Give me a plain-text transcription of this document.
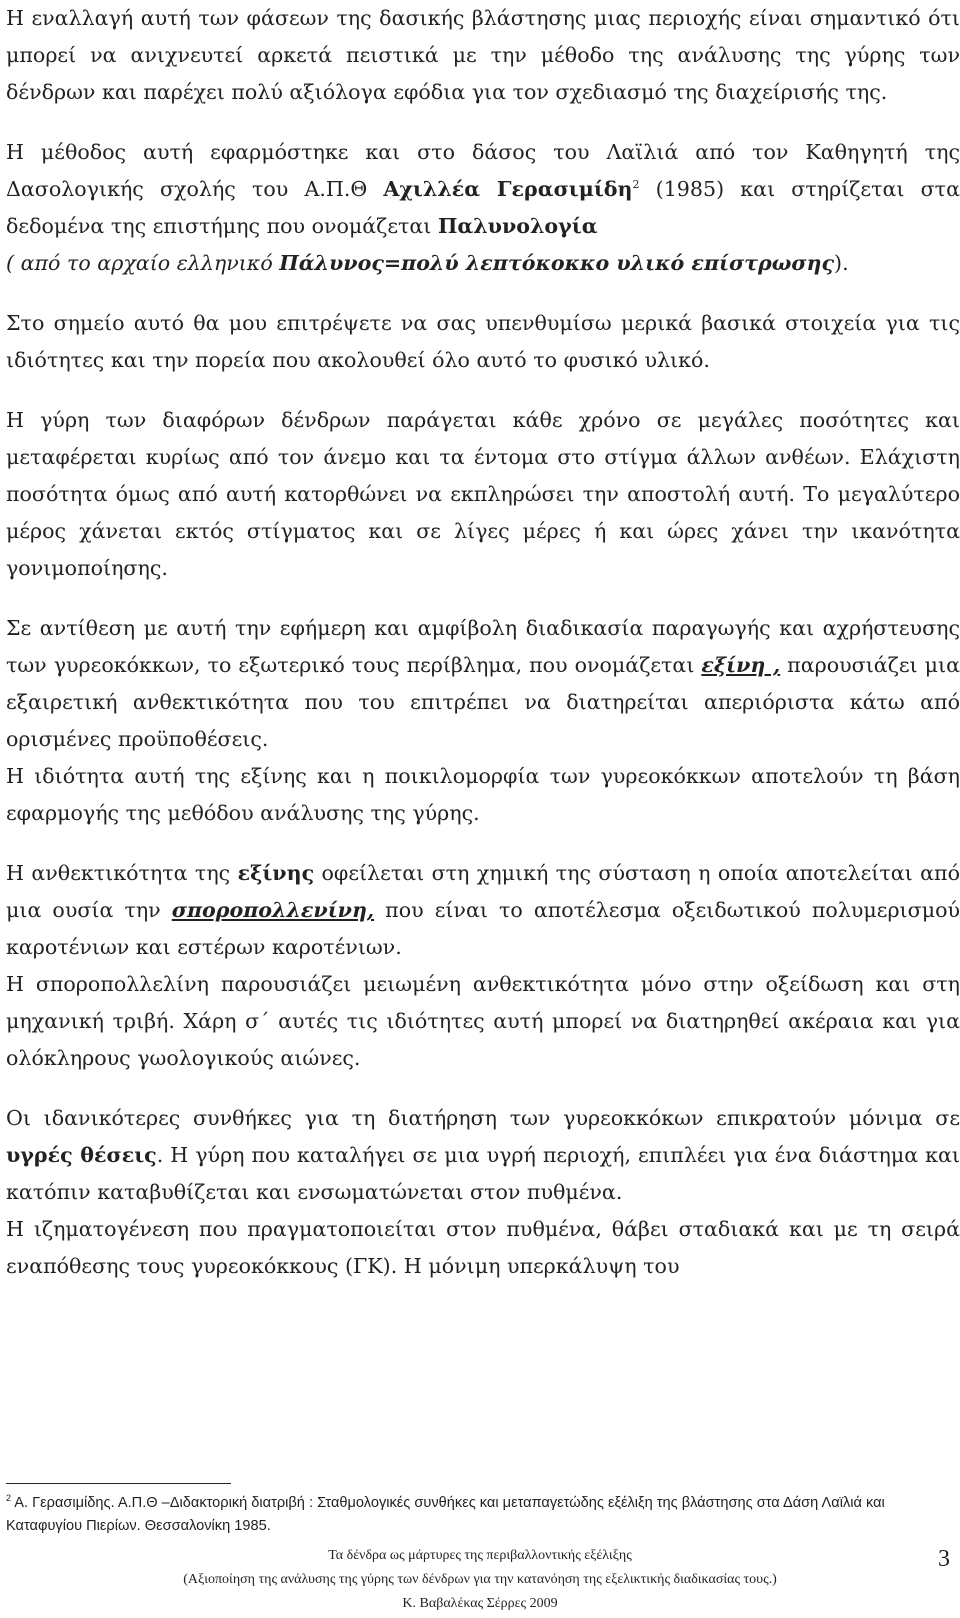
Η εναλλαγή αυτή των φάσεων της δασικής βλάστησης μιας περιοχής είναι σημαντικό ότι μπορεί να ανιχνευτεί αρκετά πειστικά με την μέθοδο της ανάλυσης της γύρης των δένδρων και παρέχει πολύ αξιόλογα εφόδια για τον σχεδιασμό της διαχείρισής της.

Η μέθοδος αυτή εφαρμόστηκε και στο δάσος του Λαϊλιά από τον Καθηγητή της Δασολογικής σχολής του Α.Π.Θ Αχιλλέα Γερασιμίδη$^2$ (1985) και στηρίζεται στα δεδομένα της επιστήμης που ονομάζεται Παλυνολογία
( από το αρχαίο ελληνικό Πάλυνος=πολύ λεπτόκοκκο υλικό επίστρωσης).

Στο σημείο αυτό θα μου επιτρέψετε να σας υπενθυμίσω μερικά βασικά στοιχεία για τις ιδιότητες και την πορεία που ακολουθεί όλο αυτό το φυσικό υλικό.

Η γύρη των διαφόρων δένδρων παράγεται κάθε χρόνο σε μεγάλες ποσότητες και μεταφέρεται κυρίως από τον άνεμο και τα έντομα στο στίγμα άλλων ανθέων. Ελάχιστη ποσότητα όμως από αυτή κατορθώνει να εκπληρώσει την αποστολή αυτή. Το μεγαλύτερο μέρος χάνεται εκτός στίγματος και σε λίγες μέρες ή και ώρες χάνει την ικανότητα γονιμοποίησης.

Σε αντίθεση με αυτή την εφήμερη και αμφίβολη διαδικασία παραγωγής και αχρήστευσης των γυρεοκόκκων, το εξωτερικό τους περίβλημα, που ονομάζεται εξίνη , παρουσιάζει μια εξαιρετική ανθεκτικότητα που του επιτρέπει να διατηρείται απεριόριστα κάτω από ορισμένες προϋποθέσεις.

Η ιδιότητα αυτή της εξίνης και η ποικιλομορφία των γυρεοκόκκων αποτελούν τη βάση εφαρμογής της μεθόδου ανάλυσης της γύρης.

Η ανθεκτικότητα της εξίνης οφείλεται στη χημική της σύσταση η οποία αποτελείται από μια ουσία την σποροπολλενίνη, που είναι το αποτέλεσμα οξειδωτικού πολυμερισμού καροτένιων και εστέρων καροτένιων.

Η σποροπολλελίνη παρουσιάζει μειωμένη ανθεκτικότητα μόνο στην οξείδωση και στη μηχανική τριβή. Χάρη σ΄ αυτές τις ιδιότητες αυτή μπορεί να διατηρηθεί ακέραια και για ολόκληρους γωολογικούς αιώνες.

Οι ιδανικότερες συνθήκες για τη διατήρηση των γυρεοκκόκων επικρατούν μόνιμα σε υγρές θέσεις. Η γύρη που καταλήγει σε μια υγρή περιοχή, επιπλέει για ένα διάστημα και κατόπιν καταβυθίζεται και ενσωματώνεται στον πυθμένα.

Η ιζηματογένεση που πραγματοποιείται στον πυθμένα, θάβει σταδιακά και με τη σειρά εναπόθεσης τους γυρεοκόκκους (ΓΚ). Η μόνιμη υπερκάλυψη του

$^2$ Α. Γερασιμίδης. Α.Π.Θ –Διδακτορική διατριβή : Σταθμολογικές συνθήκες και μεταπαγετώδης εξέλιξη της βλάστησης στα Δάση Λαϊλιά και Καταφυγίου Πιερίων. Θεσσαλονίκη 1985.
Τα δένδρα ως μάρτυρες της περιβαλλοντικής εξέλιξης
(Αξιοποίηση της ανάλυσης της γύρης των δένδρων για την κατανόηση της εξελικτικής διαδικασίας τους.)
Κ. Βαβαλέκας Σέρρες 2009
3
